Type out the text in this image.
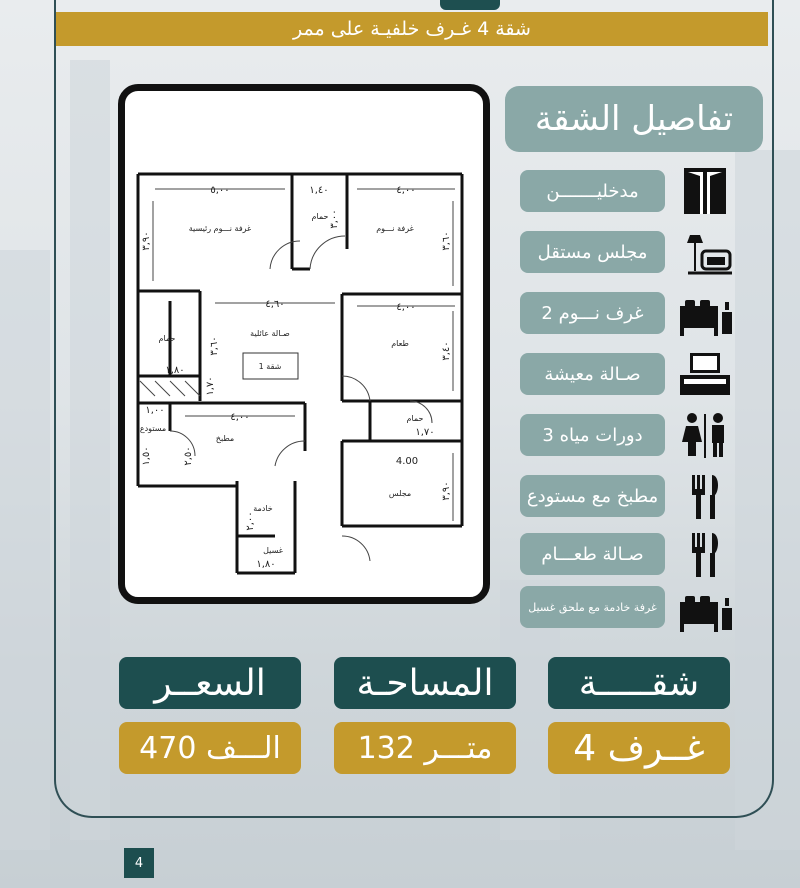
شقة 4 غـرف خلفيـة على ممر
غرفة نـــوم رئيسية
حمام
غرفة نـــوم
حمام
صـالة عائلية
شقة 1
طعام
مستودع
مطبخ
حمام
خادمة
غسيل
مجلس
٥,٠٠	١,٤٠	٤,٠٠
٤,٦٠	٤,٠٠
٤,٠٠
4.00
١,٨٠
١,٧٠
١,٨٠
١,٠٠
٣,٩٠
٣,٠٠
٣,٦٠
٣,٦٠	٣,٤٠
١,٥٠	٢,٥٠
٣,٩٠
٢,٠٠
١,٧٠
تفاصيل الشقة
مدخليـــــــن
مجلس مستقل
2 غرف نـــوم
صـالة معيشة
3 دورات مياه
مطبخ مع مستودع
صـالة طعـــام
غرفة خادمة مع ملحق غسيل
السعــر	المساحـة	شقـــــة
470 الـــف	132 متـــر	4 غــرف
4
